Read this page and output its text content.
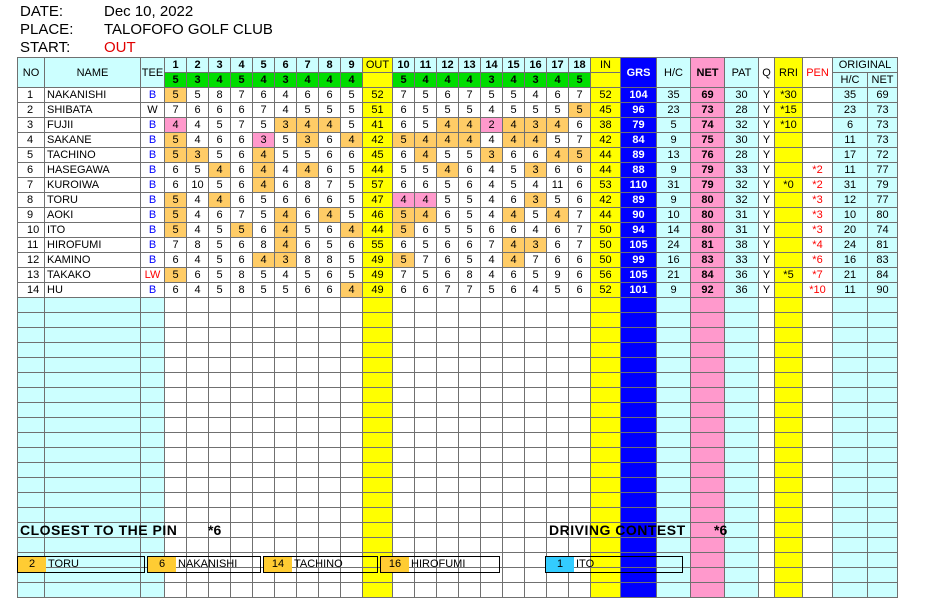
DATE:	Dec 10, 2022
PLACE: TALOFOFO GOLF CLUB
START: OUT
NO	NAME	TEE	1	2	3	4	5	6	7	8	9	OUT	10	11	12	13	14	15	16	17	18	IN	GRS	H/C	NET	PAT	Q	RRI	PEN	ORIGINAL	
			5	3	4	5	4	3	4	4	4		5	4	4	4	3	4	3	4	5									H/C	NET
1	NAKANISHI	B	5	5	8	7	6	4	6	6	5	52	7	5	6	7	5	5	4	6	7	52	104	35	69	30	Y	*30		35	69
2	SHIBATA	W	7	6	6	6	7	4	5	5	5	51	6	5	5	5	4	5	5	5	5	45	96	23	73	28	Y	*15		23	73
3	FUJII	B	4	4	5	7	5	3	4	4	5	41	6	5	4	4	2	4	3	4	6	38	79	5	74	32	Y	*10		6	73
4	SAKANE	B	5	4	6	6	3	5	3	6	4	42	5	4	4	4	4	4	4	5	7	42	84	9	75	30	Y			11	73
5	TACHINO	B	5	3	5	6	4	5	5	6	6	45	6	4	5	5	3	6	6	4	5	44	89	13	76	28	Y			17	72
6	HASEGAWA	B	6	5	4	6	4	4	4	6	5	44	5	5	4	6	4	5	3	6	6	44	88	9	79	33	Y		*2	11	77
7	KUROIWA	B	6	10	5	6	4	6	8	7	5	57	6	6	5	6	4	5	4	11	6	53	110	31	79	32	Y	*0	*2	31	79
8	TORU	B	5	4	4	6	5	6	6	6	5	47	4	4	5	5	4	6	3	5	6	42	89	9	80	32	Y		*3	12	77
9	AOKI	B	5	4	6	7	5	4	6	4	5	46	5	4	6	5	4	4	5	4	7	44	90	10	80	31	Y		*3	10	80
10	ITO	B	5	4	5	5	6	4	5	6	4	44	5	6	5	5	6	6	4	6	7	50	94	14	80	31	Y		*3	20	74
11	HIROFUMI	B	7	8	5	6	8	4	6	5	6	55	6	5	6	6	7	4	3	6	7	50	105	24	81	38	Y		*4	24	81
12	KAMINO	B	6	4	5	6	4	3	8	8	5	49	5	7	6	5	4	4	7	6	6	50	99	16	83	33	Y		*6	16	83
13	TAKAKO	LW	5	6	5	8	5	4	5	6	5	49	7	5	6	8	4	6	5	9	6	56	105	21	84	36	Y	*5	*7	21	84
14	HU	B	6	4	5	8	5	5	6	6	4	49	6	6	7	7	5	6	4	5	6	52	101	9	92	36	Y		*10	11	90

CLOSEST TO THE PIN *6	DRIVING CONTEST *6
2	TORU	6	NAKANISHI	14 TACHINO	16 HIROFUMI	1	ITO
